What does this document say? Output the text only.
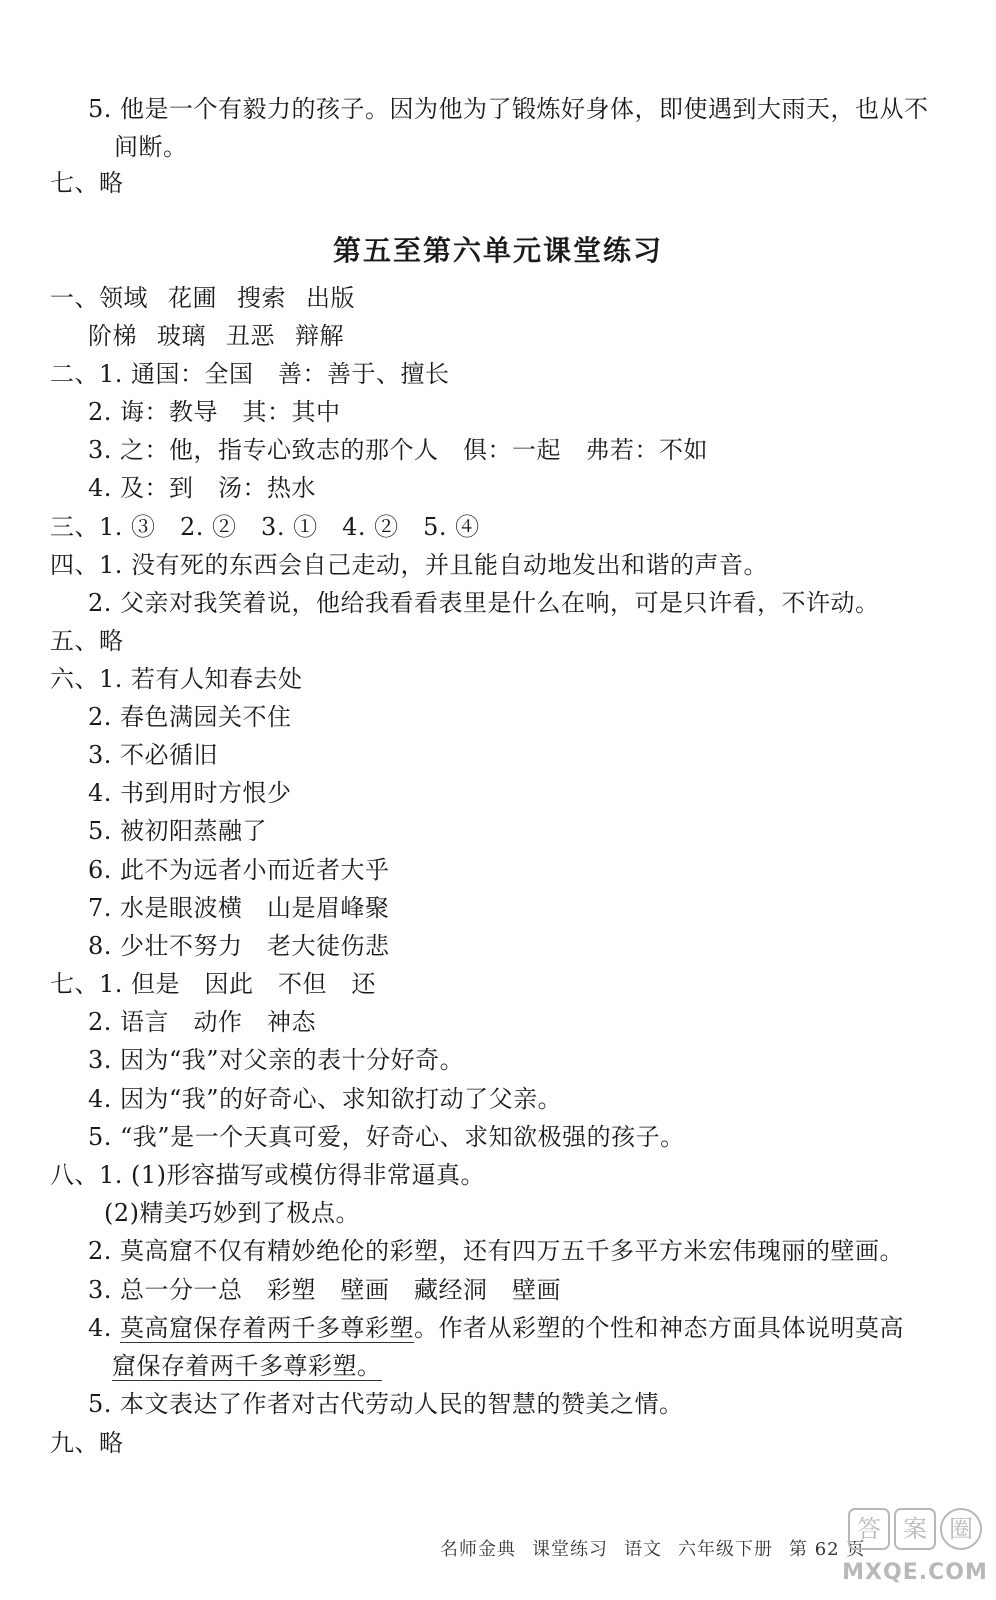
5. 他是一个有毅力的孩子。因为他为了锻炼好身体，即使遇到大雨天，也从不
间断。
七、略
第五至第六单元课堂练习
一、领域 花圃 搜索 出版
阶梯 玻璃 丑恶 辩解
二、1. 通国：全国　善：善于、擅长
2. 诲：教导　其：其中
3. 之：他，指专心致志的那个人　俱：一起　弗若：不如
4. 及：到　汤：热水
三、1. ③　2. ②　3. ①　4. ②　5. ④
四、1. 没有死的东西会自己走动，并且能自动地发出和谐的声音。
2. 父亲对我笑着说，他给我看看表里是什么在响，可是只许看，不许动。
五、略
六、1. 若有人知春去处
2. 春色满园关不住
3. 不必循旧
4. 书到用时方恨少
5. 被初阳蒸融了
6. 此不为远者小而近者大乎
7. 水是眼波横　山是眉峰聚
8. 少壮不努力　老大徒伤悲
七、1. 但是　因此　不但　还
2. 语言　动作　神态
3. 因为“我”对父亲的表十分好奇。
4. 因为“我”的好奇心、求知欲打动了父亲。
5. “我”是一个天真可爱，好奇心、求知欲极强的孩子。
八、1. (1)形容描写或模仿得非常逼真。
(2)精美巧妙到了极点。
2. 莫高窟不仅有精妙绝伦的彩塑，还有四万五千多平方米宏伟瑰丽的壁画。
3. 总一分一总　彩塑　壁画　藏经洞　壁画
4. 莫高窟保存着两千多尊彩塑。作者从彩塑的个性和神态方面具体说明莫高
窟保存着两千多尊彩塑。
5. 本文表达了作者对古代劳动人民的智慧的赞美之情。
九、略
名师金典 课堂练习 语文 六年级下册 第 62 页
答 案 圈
MXQE.COM
